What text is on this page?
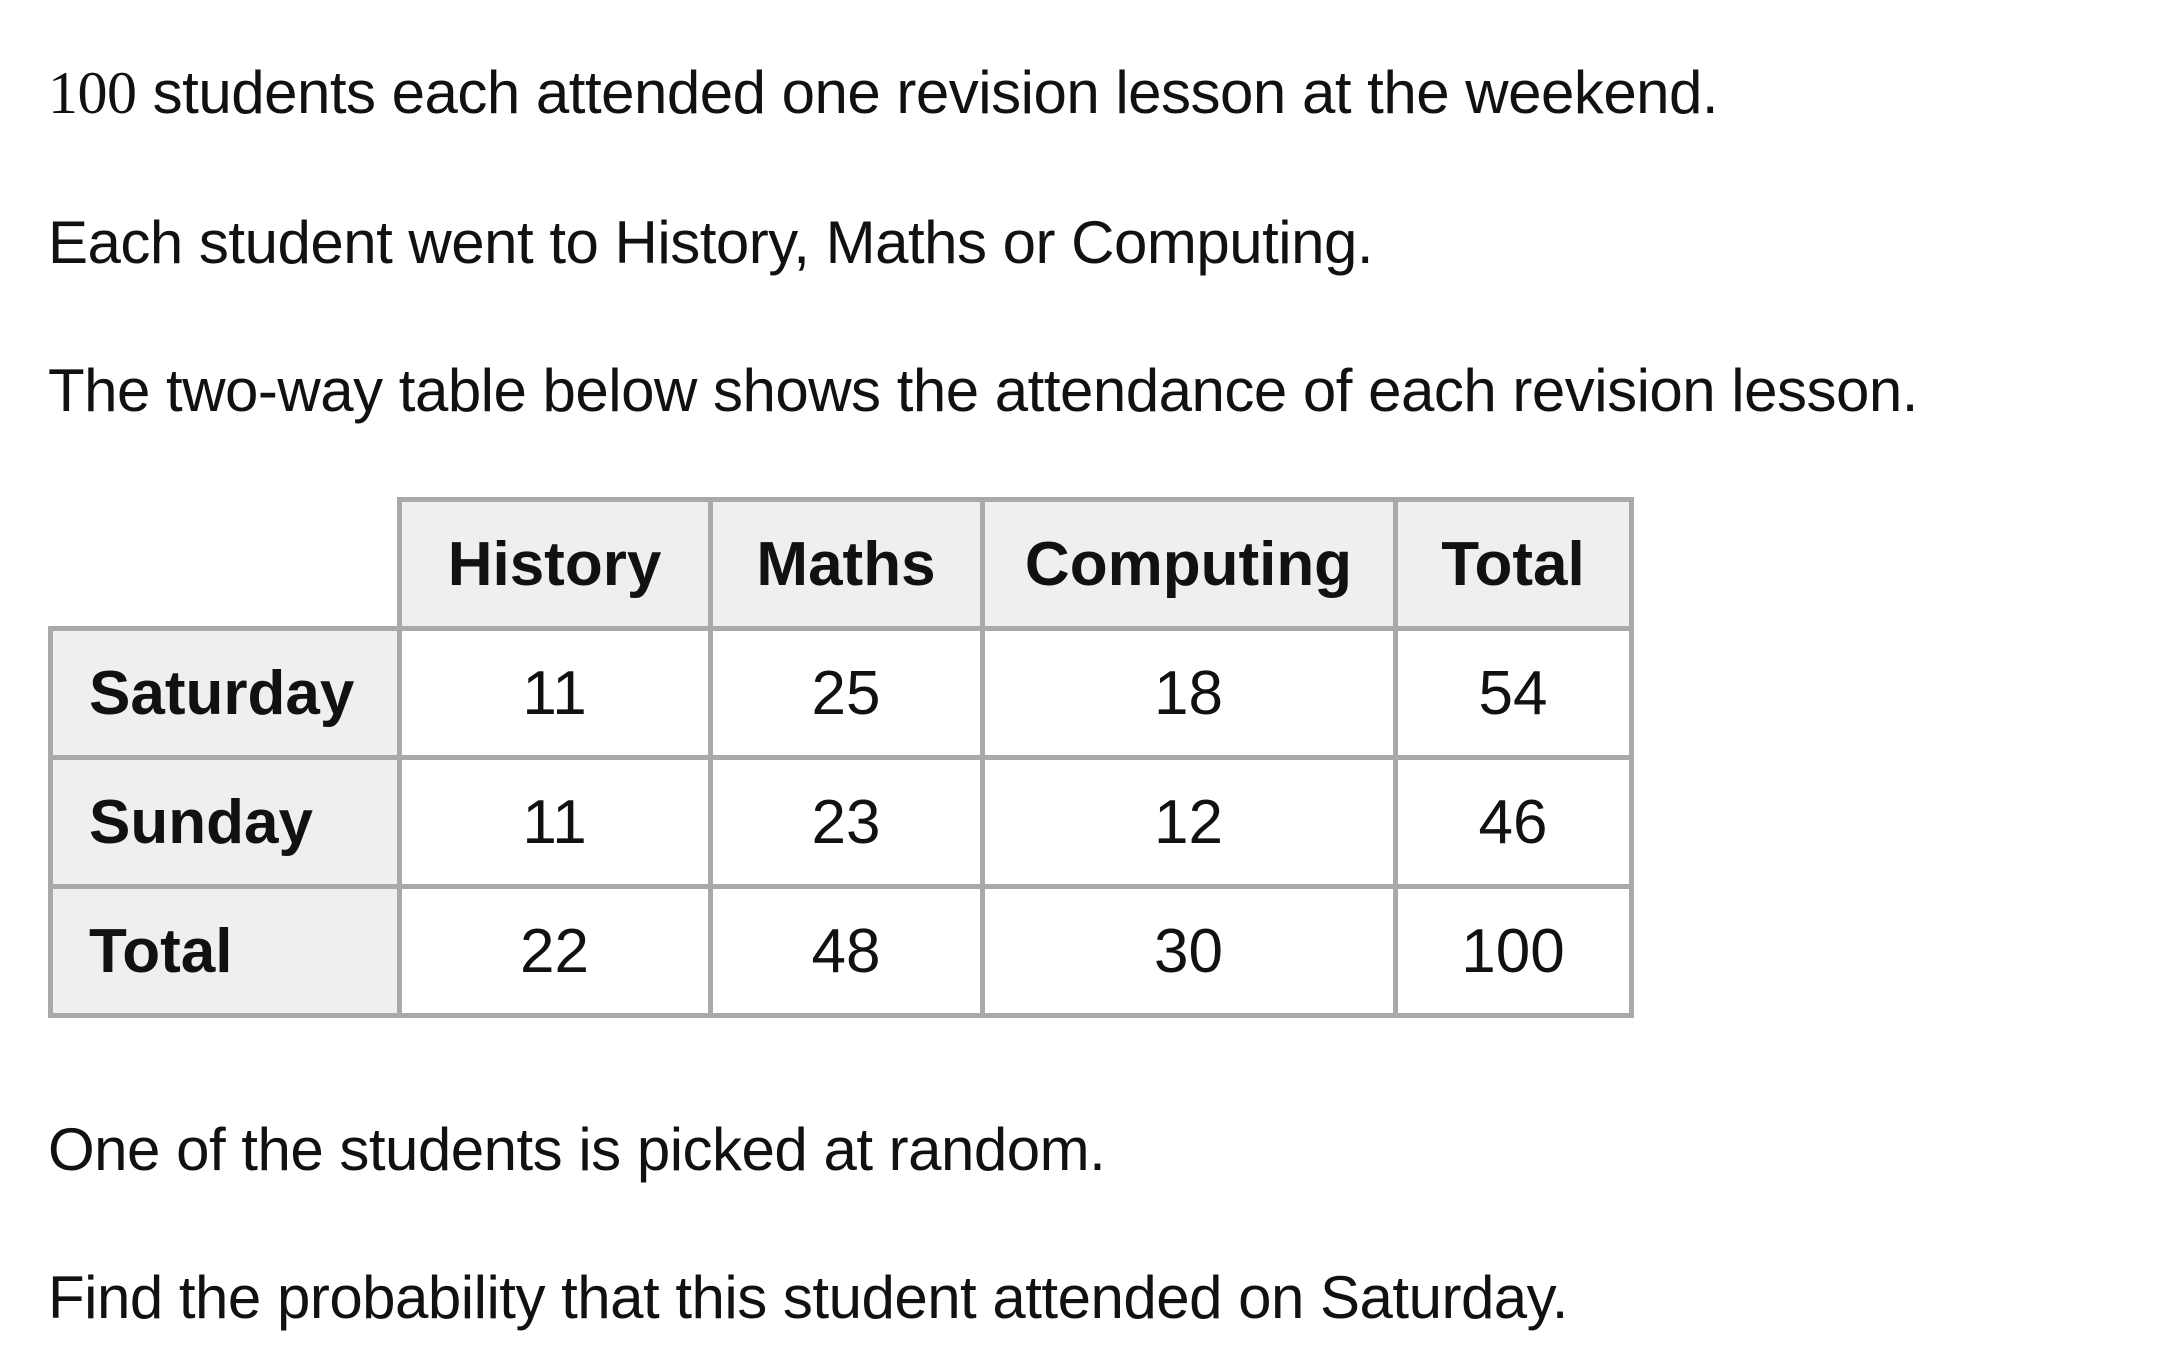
100 students each attended one revision lesson at the weekend.

Each student went to History, Maths or Computing.

The two-way table below shows the attendance of each revision lesson.

	History	Maths	Computing	Total
Saturday	11	25	18	54
Sunday	11	23	12	46
Total	22	48	30	100

One of the students is picked at random.

Find the probability that this student attended on Saturday.
